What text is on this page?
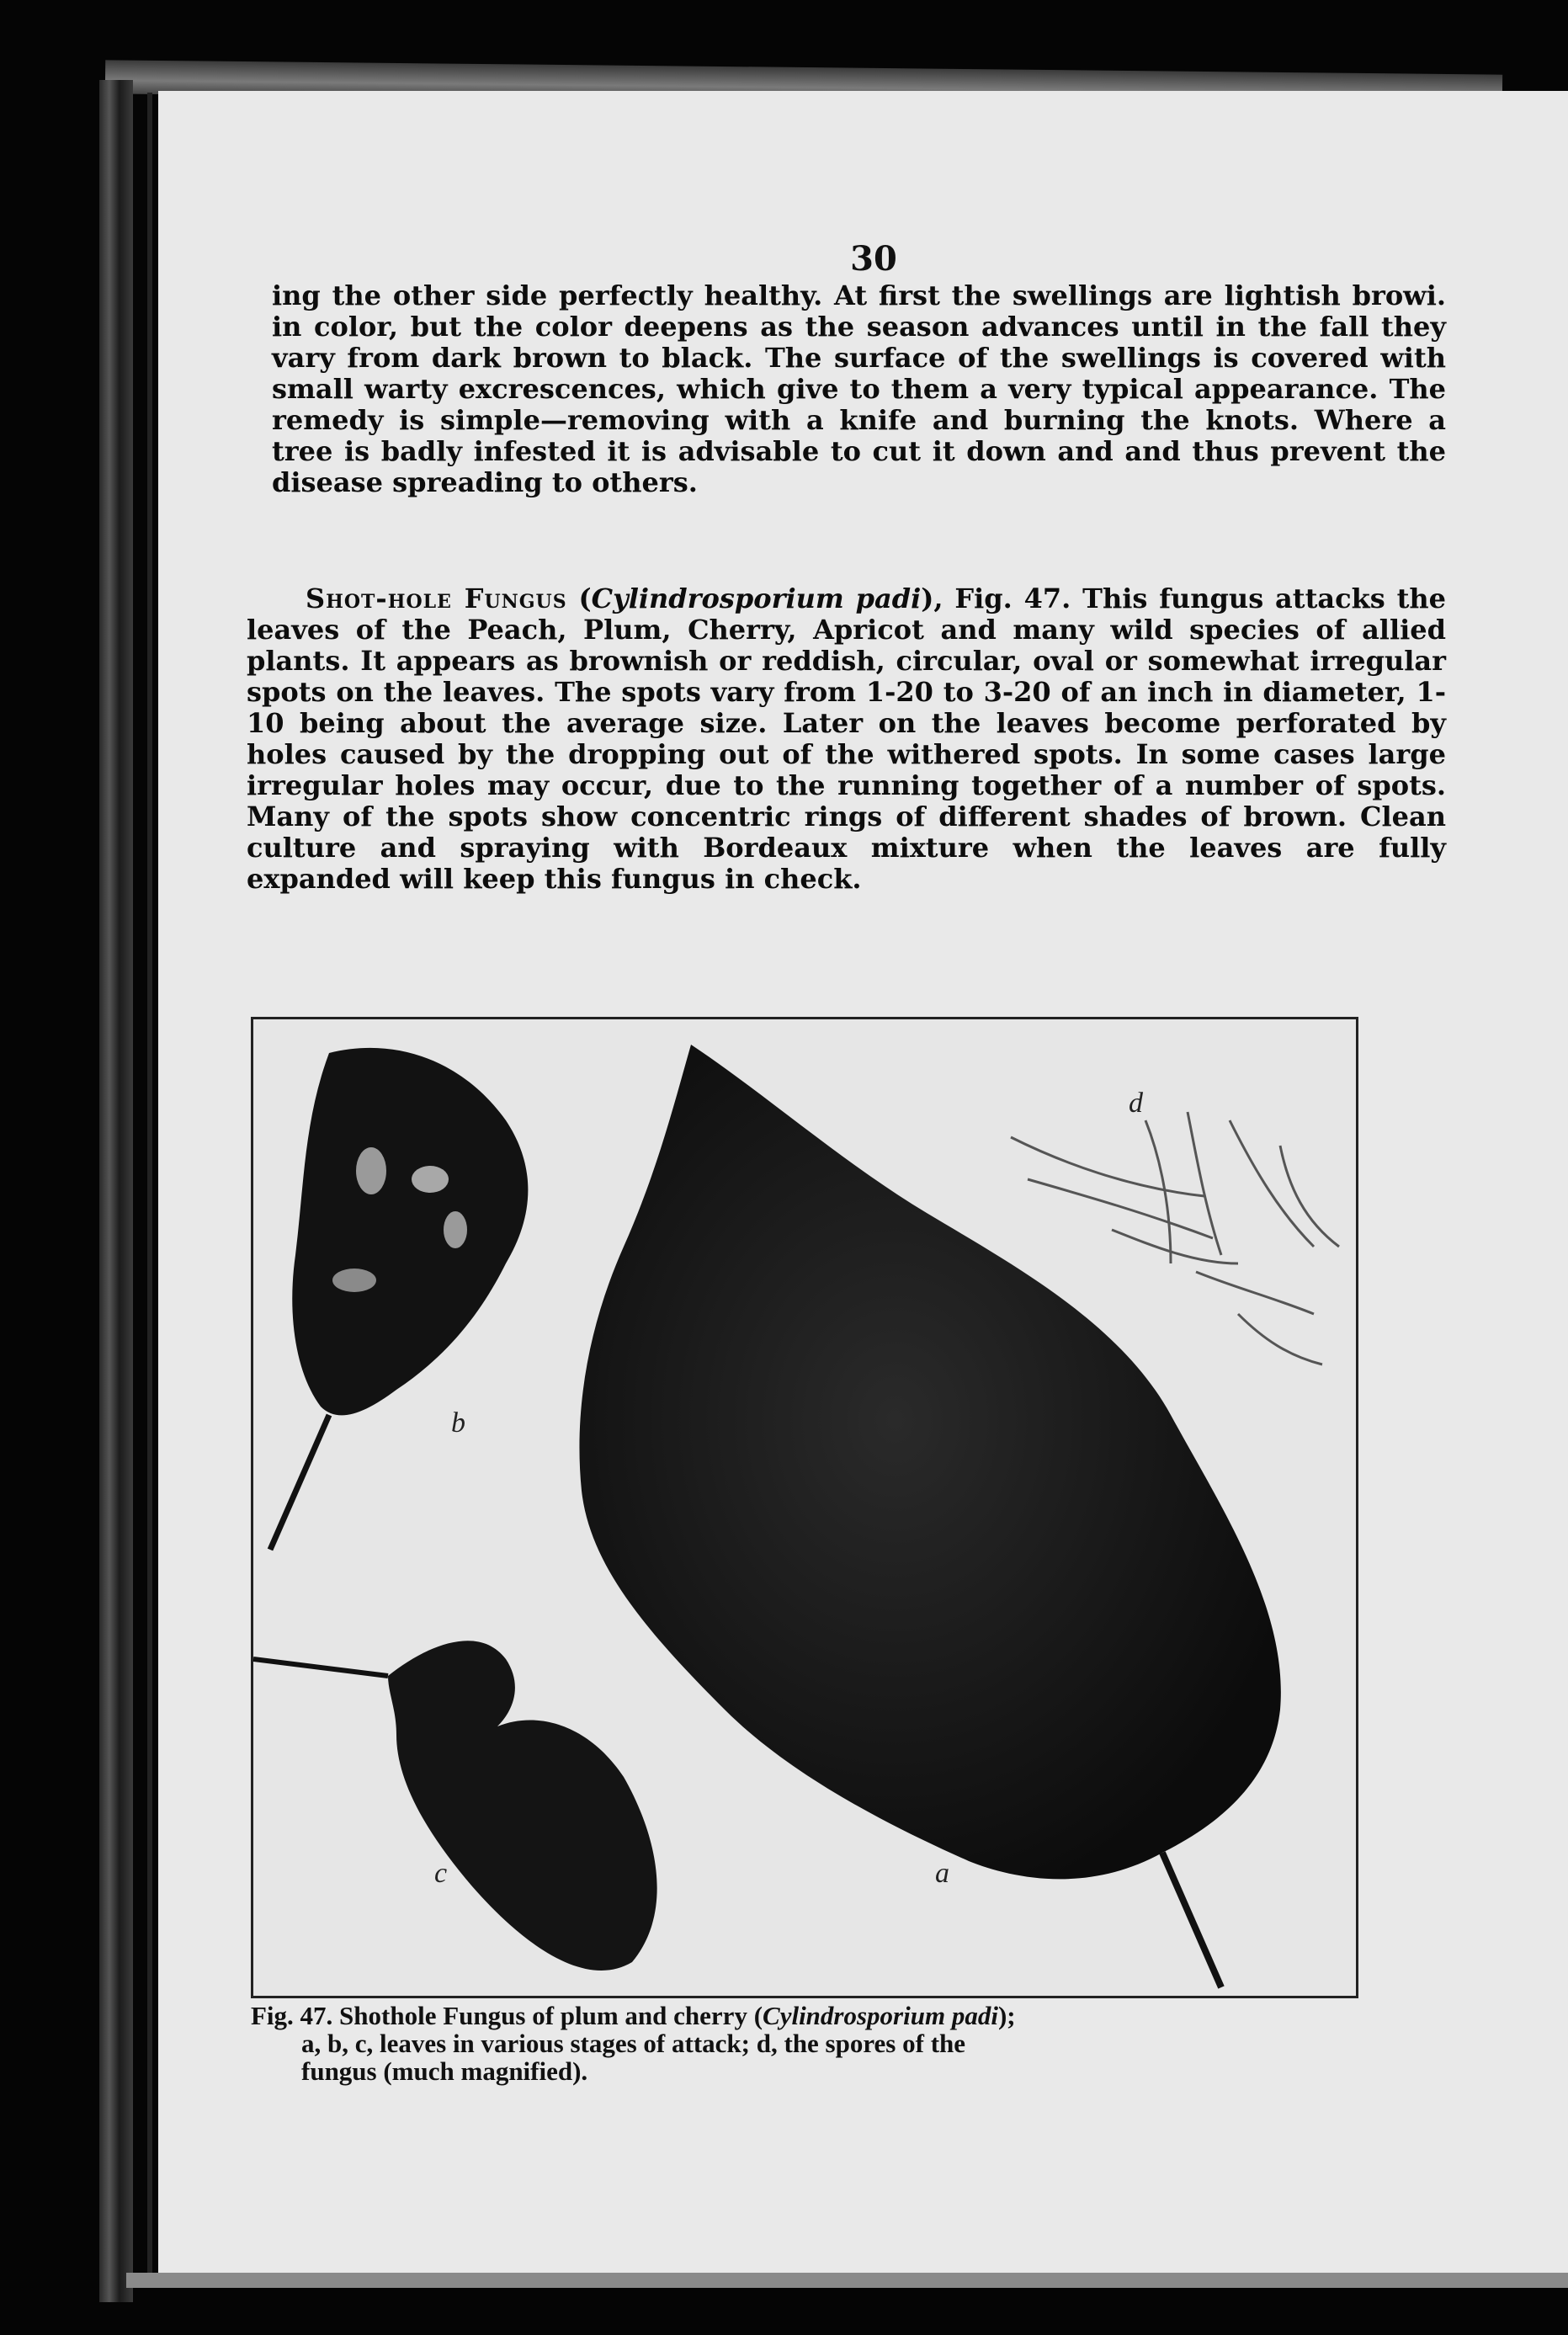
30

ing the other side perfectly healthy. At first the swellings are lightish browi. in color, but the color deepens as the season advances until in the fall they vary from dark brown to black. The surface of the swellings is covered with small warty excrescences, which give to them a very typical appearance. The remedy is simple—removing with a knife and burning the knots. Where a tree is badly infested it is advisable to cut it down and and thus prevent the disease spreading to others.

Shot-hole Fungus (Cylindrosporium padi), Fig. 47. This fungus attacks the leaves of the Peach, Plum, Cherry, Apricot and many wild species of allied plants. It appears as brownish or reddish, circular, oval or somewhat irregular spots on the leaves. The spots vary from 1-20 to 3-20 of an inch in diameter, 1-10 being about the average size. Later on the leaves become perforated by holes caused by the dropping out of the withered spots. In some cases large irregular holes may occur, due to the running together of a number of spots. Many of the spots show concentric rings of different shades of brown. Clean culture and spraying with Bordeaux mixture when the leaves are fully expanded will keep this fungus in check.

d
b
c	a

Fig. 47. Shothole Fungus of plum and cherry (Cylindrosporium padi);
a, b, c, leaves in various stages of attack; d, the spores of the
fungus (much magnified).
